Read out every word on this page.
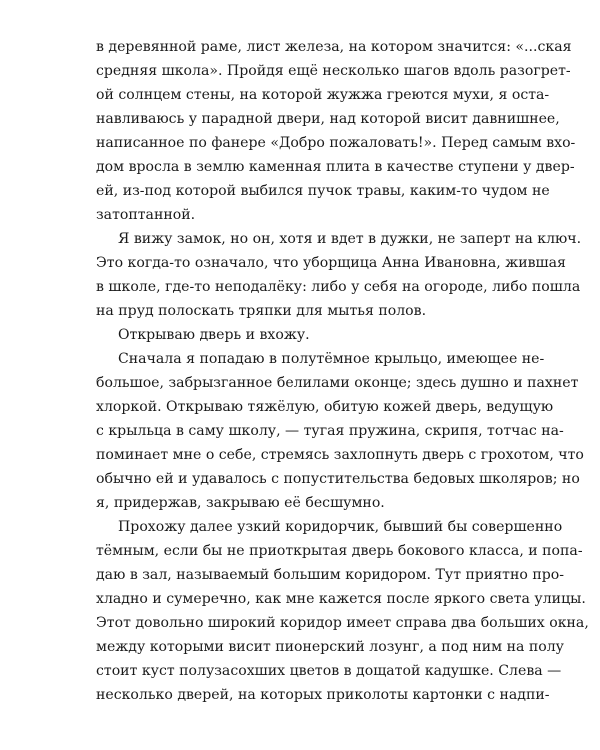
в деревянной раме, лист железа, на котором значится: «...ская
средняя школа». Пройдя ещё несколько шагов вдоль разогрет-
ой солнцем стены, на которой жужжа греются мухи, я оста-
навливаюсь у парадной двери, над которой висит давнишнее,
написанное по фанере «Добро пожаловать!». Перед самым вхо-
дом вросла в землю каменная плита в качестве ступени у двер-
ей, из-под которой выбился пучок травы, каким-то чудом не
затоптанной.
Я вижу замок, но он, хотя и вдет в дужки, не заперт на ключ.
Это когда-то означало, что уборщица Анна Ивановна, жившая
в школе, где-то неподалёку: либо у себя на огороде, либо пошла
на пруд полоскать тряпки для мытья полов.
Открываю дверь и вхожу.
Сначала я попадаю в полутёмное крыльцо, имеющее не-
большое, забрызганное белилами оконце; здесь душно и пахнет
хлоркой. Открываю тяжёлую, обитую кожей дверь, ведущую
с крыльца в саму школу, — тугая пружина, скрипя, тотчас на-
поминает мне о себе, стремясь захлопнуть дверь с грохотом, что
обычно ей и удавалось с попустительства бедовых школяров; но
я, придержав, закрываю её бесшумно.
Прохожу далее узкий коридорчик, бывший бы совершенно
тёмным, если бы не приоткрытая дверь бокового класса, и попа-
даю в зал, называемый большим коридором. Тут приятно про-
хладно и сумеречно, как мне кажется после яркого света улицы.
Этот довольно широкий коридор имеет справа два больших окна,
между которыми висит пионерский лозунг, а под ним на полу
стоит куст полузасохших цветов в дощатой кадушке. Слева —
несколько дверей, на которых приколоты картонки с надпи-
